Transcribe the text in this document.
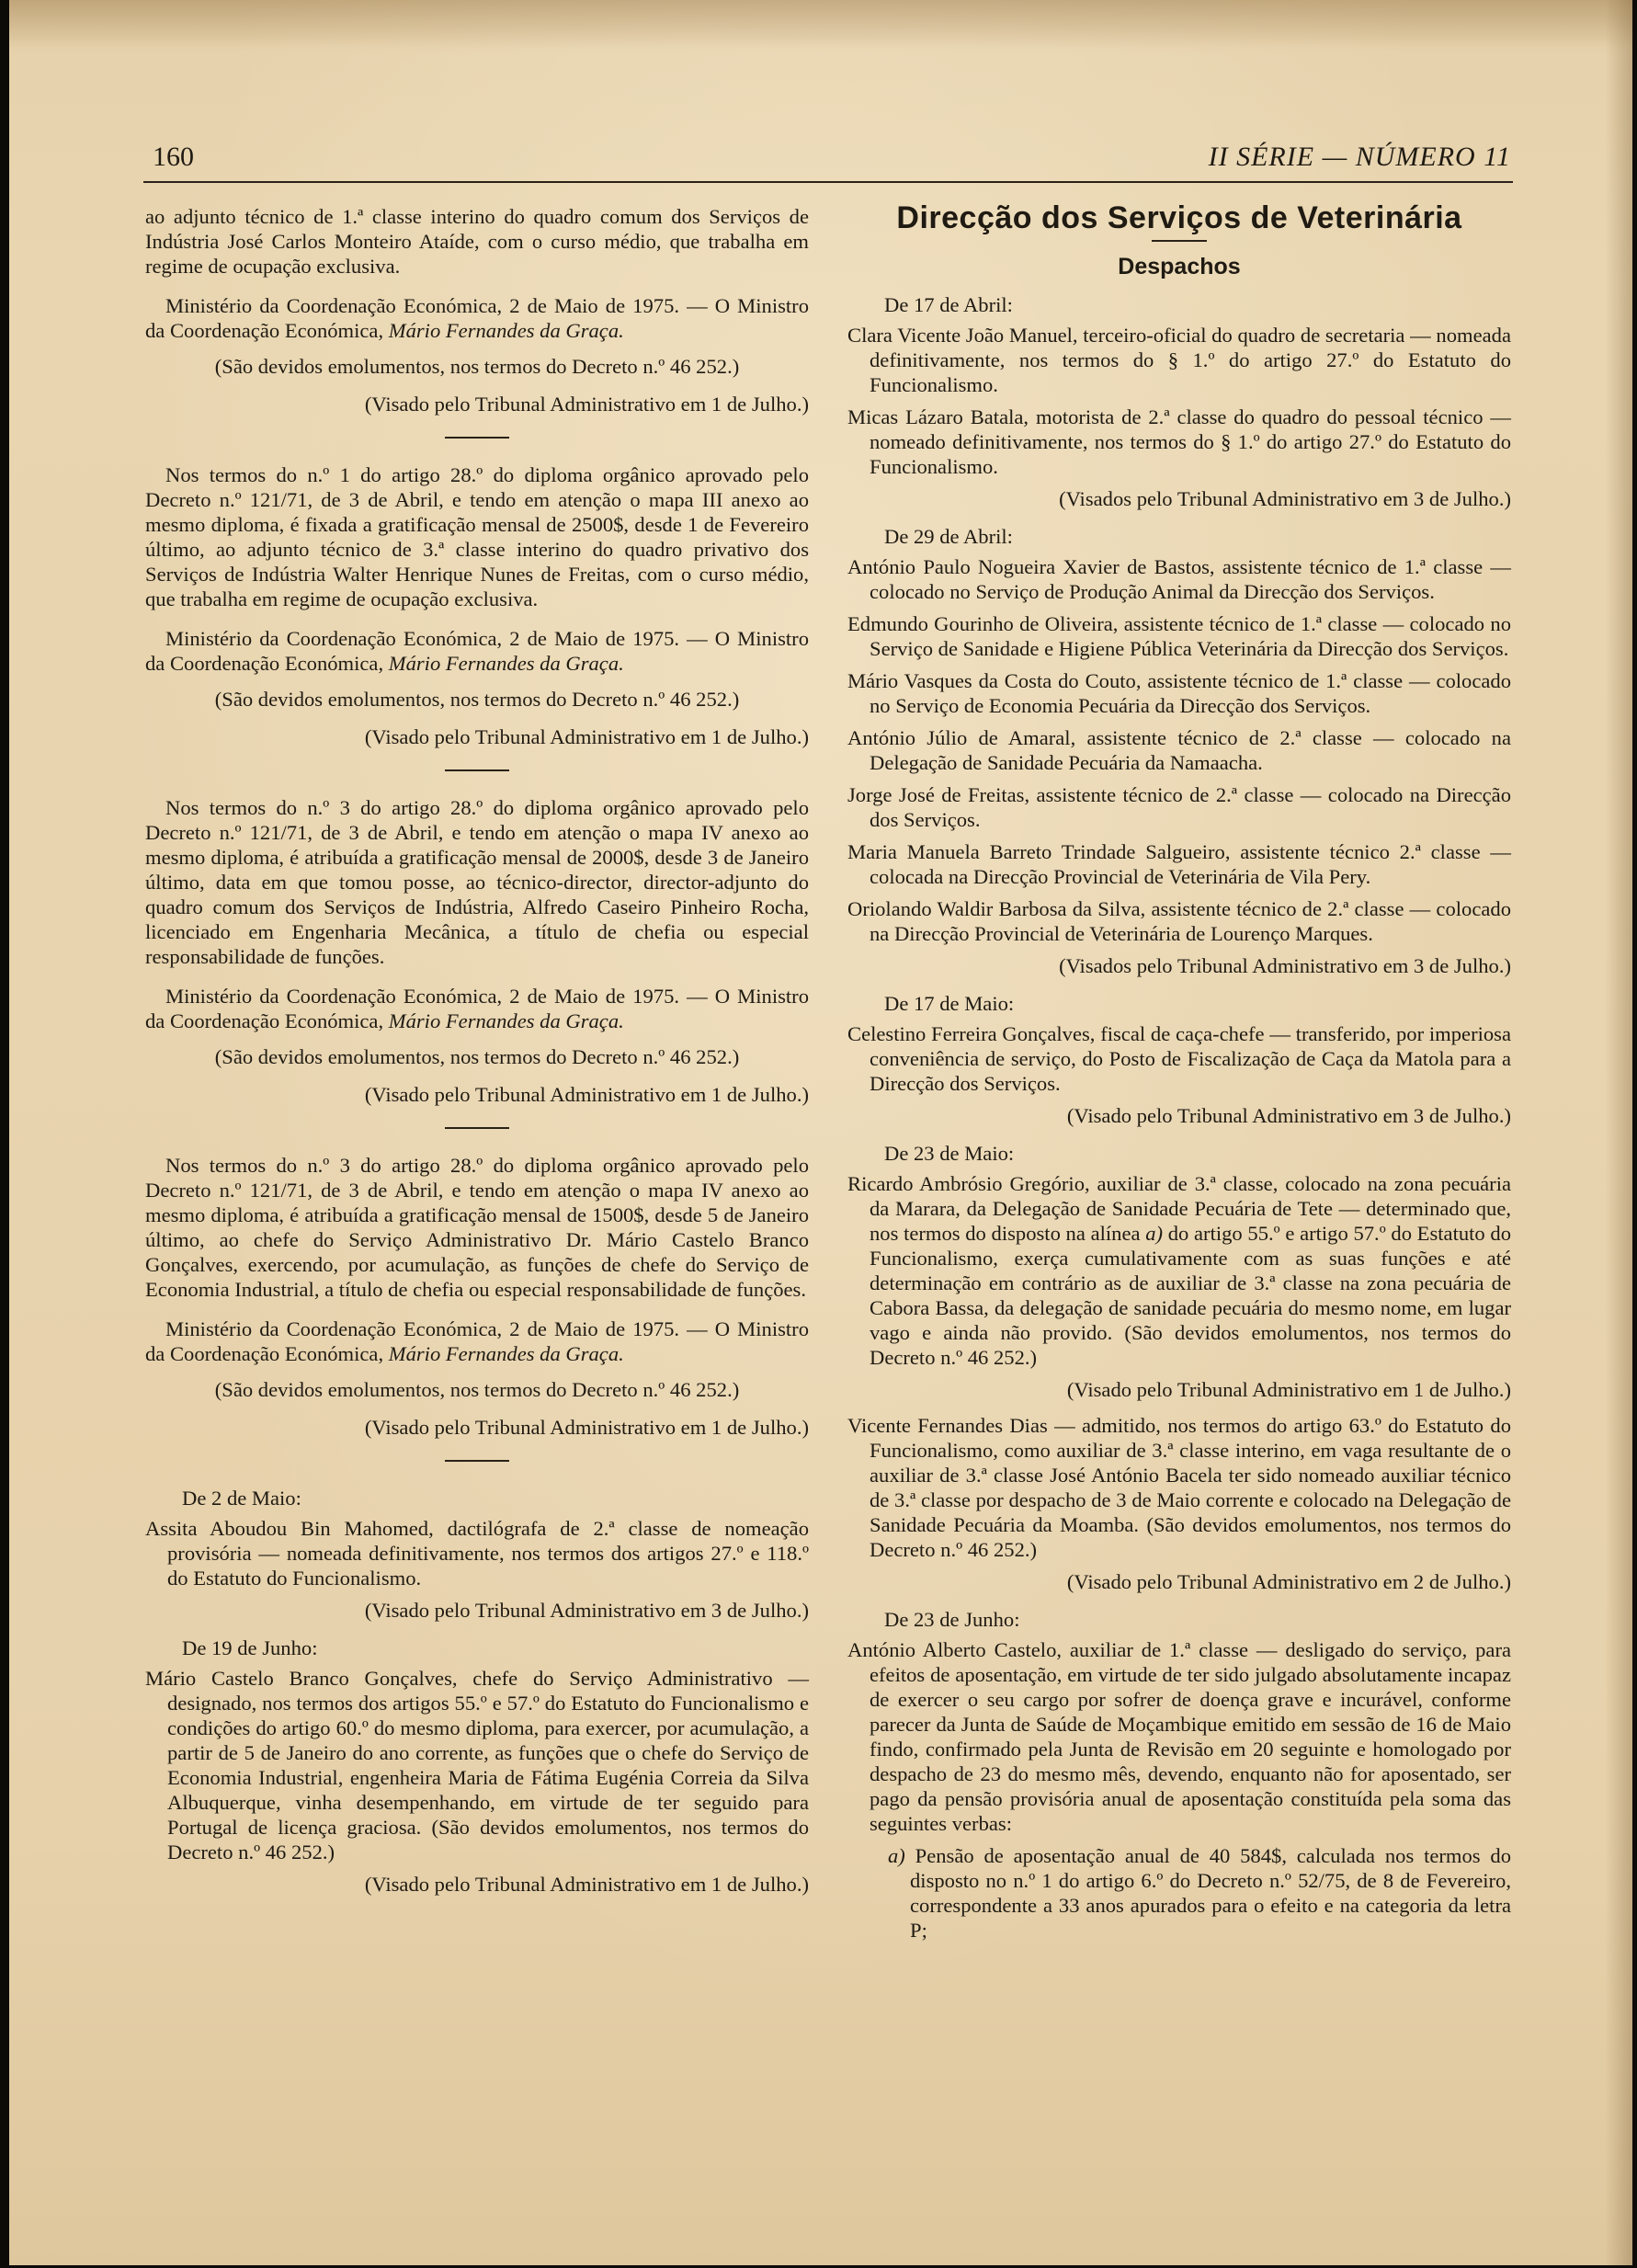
160	II SÉRIE — NÚMERO 11

ao adjunto técnico de 1.ª classe interino do quadro comum dos Serviços de Indústria José Carlos Monteiro Ataíde, com o curso médio, que trabalha em regime de ocupação exclusiva.

Ministério da Coordenação Económica, 2 de Maio de 1975. — O Ministro da Coordenação Económica, Mário Fernandes da Graça.

(São devidos emolumentos, nos termos do Decreto n.º 46 252.)

(Visado pelo Tribunal Administrativo em 1 de Julho.)

Nos termos do n.º 1 do artigo 28.º do diploma orgânico aprovado pelo Decreto n.º 121/71, de 3 de Abril, e tendo em atenção o mapa III anexo ao mesmo diploma, é fixada a gratificação mensal de 2500$, desde 1 de Fevereiro último, ao adjunto técnico de 3.ª classe interino do quadro privativo dos Serviços de Indústria Walter Henrique Nunes de Freitas, com o curso médio, que trabalha em regime de ocupação exclusiva.

Ministério da Coordenação Económica, 2 de Maio de 1975. — O Ministro da Coordenação Económica, Mário Fernandes da Graça.

(São devidos emolumentos, nos termos do Decreto n.º 46 252.)

(Visado pelo Tribunal Administrativo em 1 de Julho.)

Nos termos do n.º 3 do artigo 28.º do diploma orgânico aprovado pelo Decreto n.º 121/71, de 3 de Abril, e tendo em atenção o mapa IV anexo ao mesmo diploma, é atribuída a gratificação mensal de 2000$, desde 3 de Janeiro último, data em que tomou posse, ao técnico-director, director-adjunto do quadro comum dos Serviços de Indústria, Alfredo Caseiro Pinheiro Rocha, licenciado em Engenharia Mecânica, a título de chefia ou especial responsabilidade de funções.

Ministério da Coordenação Económica, 2 de Maio de 1975. — O Ministro da Coordenação Económica, Mário Fernandes da Graça.

(São devidos emolumentos, nos termos do Decreto n.º 46 252.)

(Visado pelo Tribunal Administrativo em 1 de Julho.)

Nos termos do n.º 3 do artigo 28.º do diploma orgânico aprovado pelo Decreto n.º 121/71, de 3 de Abril, e tendo em atenção o mapa IV anexo ao mesmo diploma, é atribuída a gratificação mensal de 1500$, desde 5 de Janeiro último, ao chefe do Serviço Administrativo Dr. Mário Castelo Branco Gonçalves, exercendo, por acumulação, as funções de chefe do Serviço de Economia Industrial, a título de chefia ou especial responsabilidade de funções.

Ministério da Coordenação Económica, 2 de Maio de 1975. — O Ministro da Coordenação Económica, Mário Fernandes da Graça.

(São devidos emolumentos, nos termos do Decreto n.º 46 252.)

(Visado pelo Tribunal Administrativo em 1 de Julho.)

De 2 de Maio:

Assita Aboudou Bin Mahomed, dactilógrafa de 2.ª classe de nomeação provisória — nomeada definitivamente, nos termos dos artigos 27.º e 118.º do Estatuto do Funcionalismo.

(Visado pelo Tribunal Administrativo em 3 de Julho.)

De 19 de Junho:

Mário Castelo Branco Gonçalves, chefe do Serviço Administrativo — designado, nos termos dos artigos 55.º e 57.º do Estatuto do Funcionalismo e condições do artigo 60.º do mesmo diploma, para exercer, por acumulação, a partir de 5 de Janeiro do ano corrente, as funções que o chefe do Serviço de Economia Industrial, engenheira Maria de Fátima Eugénia Correia da Silva Albuquerque, vinha desempenhando, em virtude de ter seguido para Portugal de licença graciosa. (São devidos emolumentos, nos termos do Decreto n.º 46 252.)

(Visado pelo Tribunal Administrativo em 1 de Julho.)

Direcção dos Serviços de Veterinária
Despachos

De 17 de Abril:

Clara Vicente João Manuel, terceiro-oficial do quadro de secretaria — nomeada definitivamente, nos termos do § 1.º do artigo 27.º do Estatuto do Funcionalismo.

Micas Lázaro Batala, motorista de 2.ª classe do quadro do pessoal técnico — nomeado definitivamente, nos termos do § 1.º do artigo 27.º do Estatuto do Funcionalismo.

(Visados pelo Tribunal Administrativo em 3 de Julho.)

De 29 de Abril:

António Paulo Nogueira Xavier de Bastos, assistente técnico de 1.ª classe — colocado no Serviço de Produção Animal da Direcção dos Serviços.

Edmundo Gourinho de Oliveira, assistente técnico de 1.ª classe — colocado no Serviço de Sanidade e Higiene Pública Veterinária da Direcção dos Serviços.

Mário Vasques da Costa do Couto, assistente técnico de 1.ª classe — colocado no Serviço de Economia Pecuária da Direcção dos Serviços.

António Júlio de Amaral, assistente técnico de 2.ª classe — colocado na Delegação de Sanidade Pecuária da Namaacha.

Jorge José de Freitas, assistente técnico de 2.ª classe — colocado na Direcção dos Serviços.

Maria Manuela Barreto Trindade Salgueiro, assistente técnico 2.ª classe — colocada na Direcção Provincial de Veterinária de Vila Pery.

Oriolando Waldir Barbosa da Silva, assistente técnico de 2.ª classe — colocado na Direcção Provincial de Veterinária de Lourenço Marques.

(Visados pelo Tribunal Administrativo em 3 de Julho.)

De 17 de Maio:

Celestino Ferreira Gonçalves, fiscal de caça-chefe — transferido, por imperiosa conveniência de serviço, do Posto de Fiscalização de Caça da Matola para a Direcção dos Serviços.

(Visado pelo Tribunal Administrativo em 3 de Julho.)

De 23 de Maio:

Ricardo Ambrósio Gregório, auxiliar de 3.ª classe, colocado na zona pecuária da Marara, da Delegação de Sanidade Pecuária de Tete — determinado que, nos termos do disposto na alínea a) do artigo 55.º e artigo 57.º do Estatuto do Funcionalismo, exerça cumulativamente com as suas funções e até determinação em contrário as de auxiliar de 3.ª classe na zona pecuária de Cabora Bassa, da delegação de sanidade pecuária do mesmo nome, em lugar vago e ainda não provido. (São devidos emolumentos, nos termos do Decreto n.º 46 252.)

(Visado pelo Tribunal Administrativo em 1 de Julho.)

Vicente Fernandes Dias — admitido, nos termos do artigo 63.º do Estatuto do Funcionalismo, como auxiliar de 3.ª classe interino, em vaga resultante de o auxiliar de 3.ª classe José António Bacela ter sido nomeado auxiliar técnico de 3.ª classe por despacho de 3 de Maio corrente e colocado na Delegação de Sanidade Pecuária da Moamba. (São devidos emolumentos, nos termos do Decreto n.º 46 252.)

(Visado pelo Tribunal Administrativo em 2 de Julho.)

De 23 de Junho:

António Alberto Castelo, auxiliar de 1.ª classe — desligado do serviço, para efeitos de aposentação, em virtude de ter sido julgado absolutamente incapaz de exercer o seu cargo por sofrer de doença grave e incurável, conforme parecer da Junta de Saúde de Moçambique emitido em sessão de 16 de Maio findo, confirmado pela Junta de Revisão em 20 seguinte e homologado por despacho de 23 do mesmo mês, devendo, enquanto não for aposentado, ser pago da pensão provisória anual de aposentação constituída pela soma das seguintes verbas:

a) Pensão de aposentação anual de 40 584$, calculada nos termos do disposto no n.º 1 do artigo 6.º do Decreto n.º 52/75, de 8 de Fevereiro, correspondente a 33 anos apurados para o efeito e na categoria da letra P;
